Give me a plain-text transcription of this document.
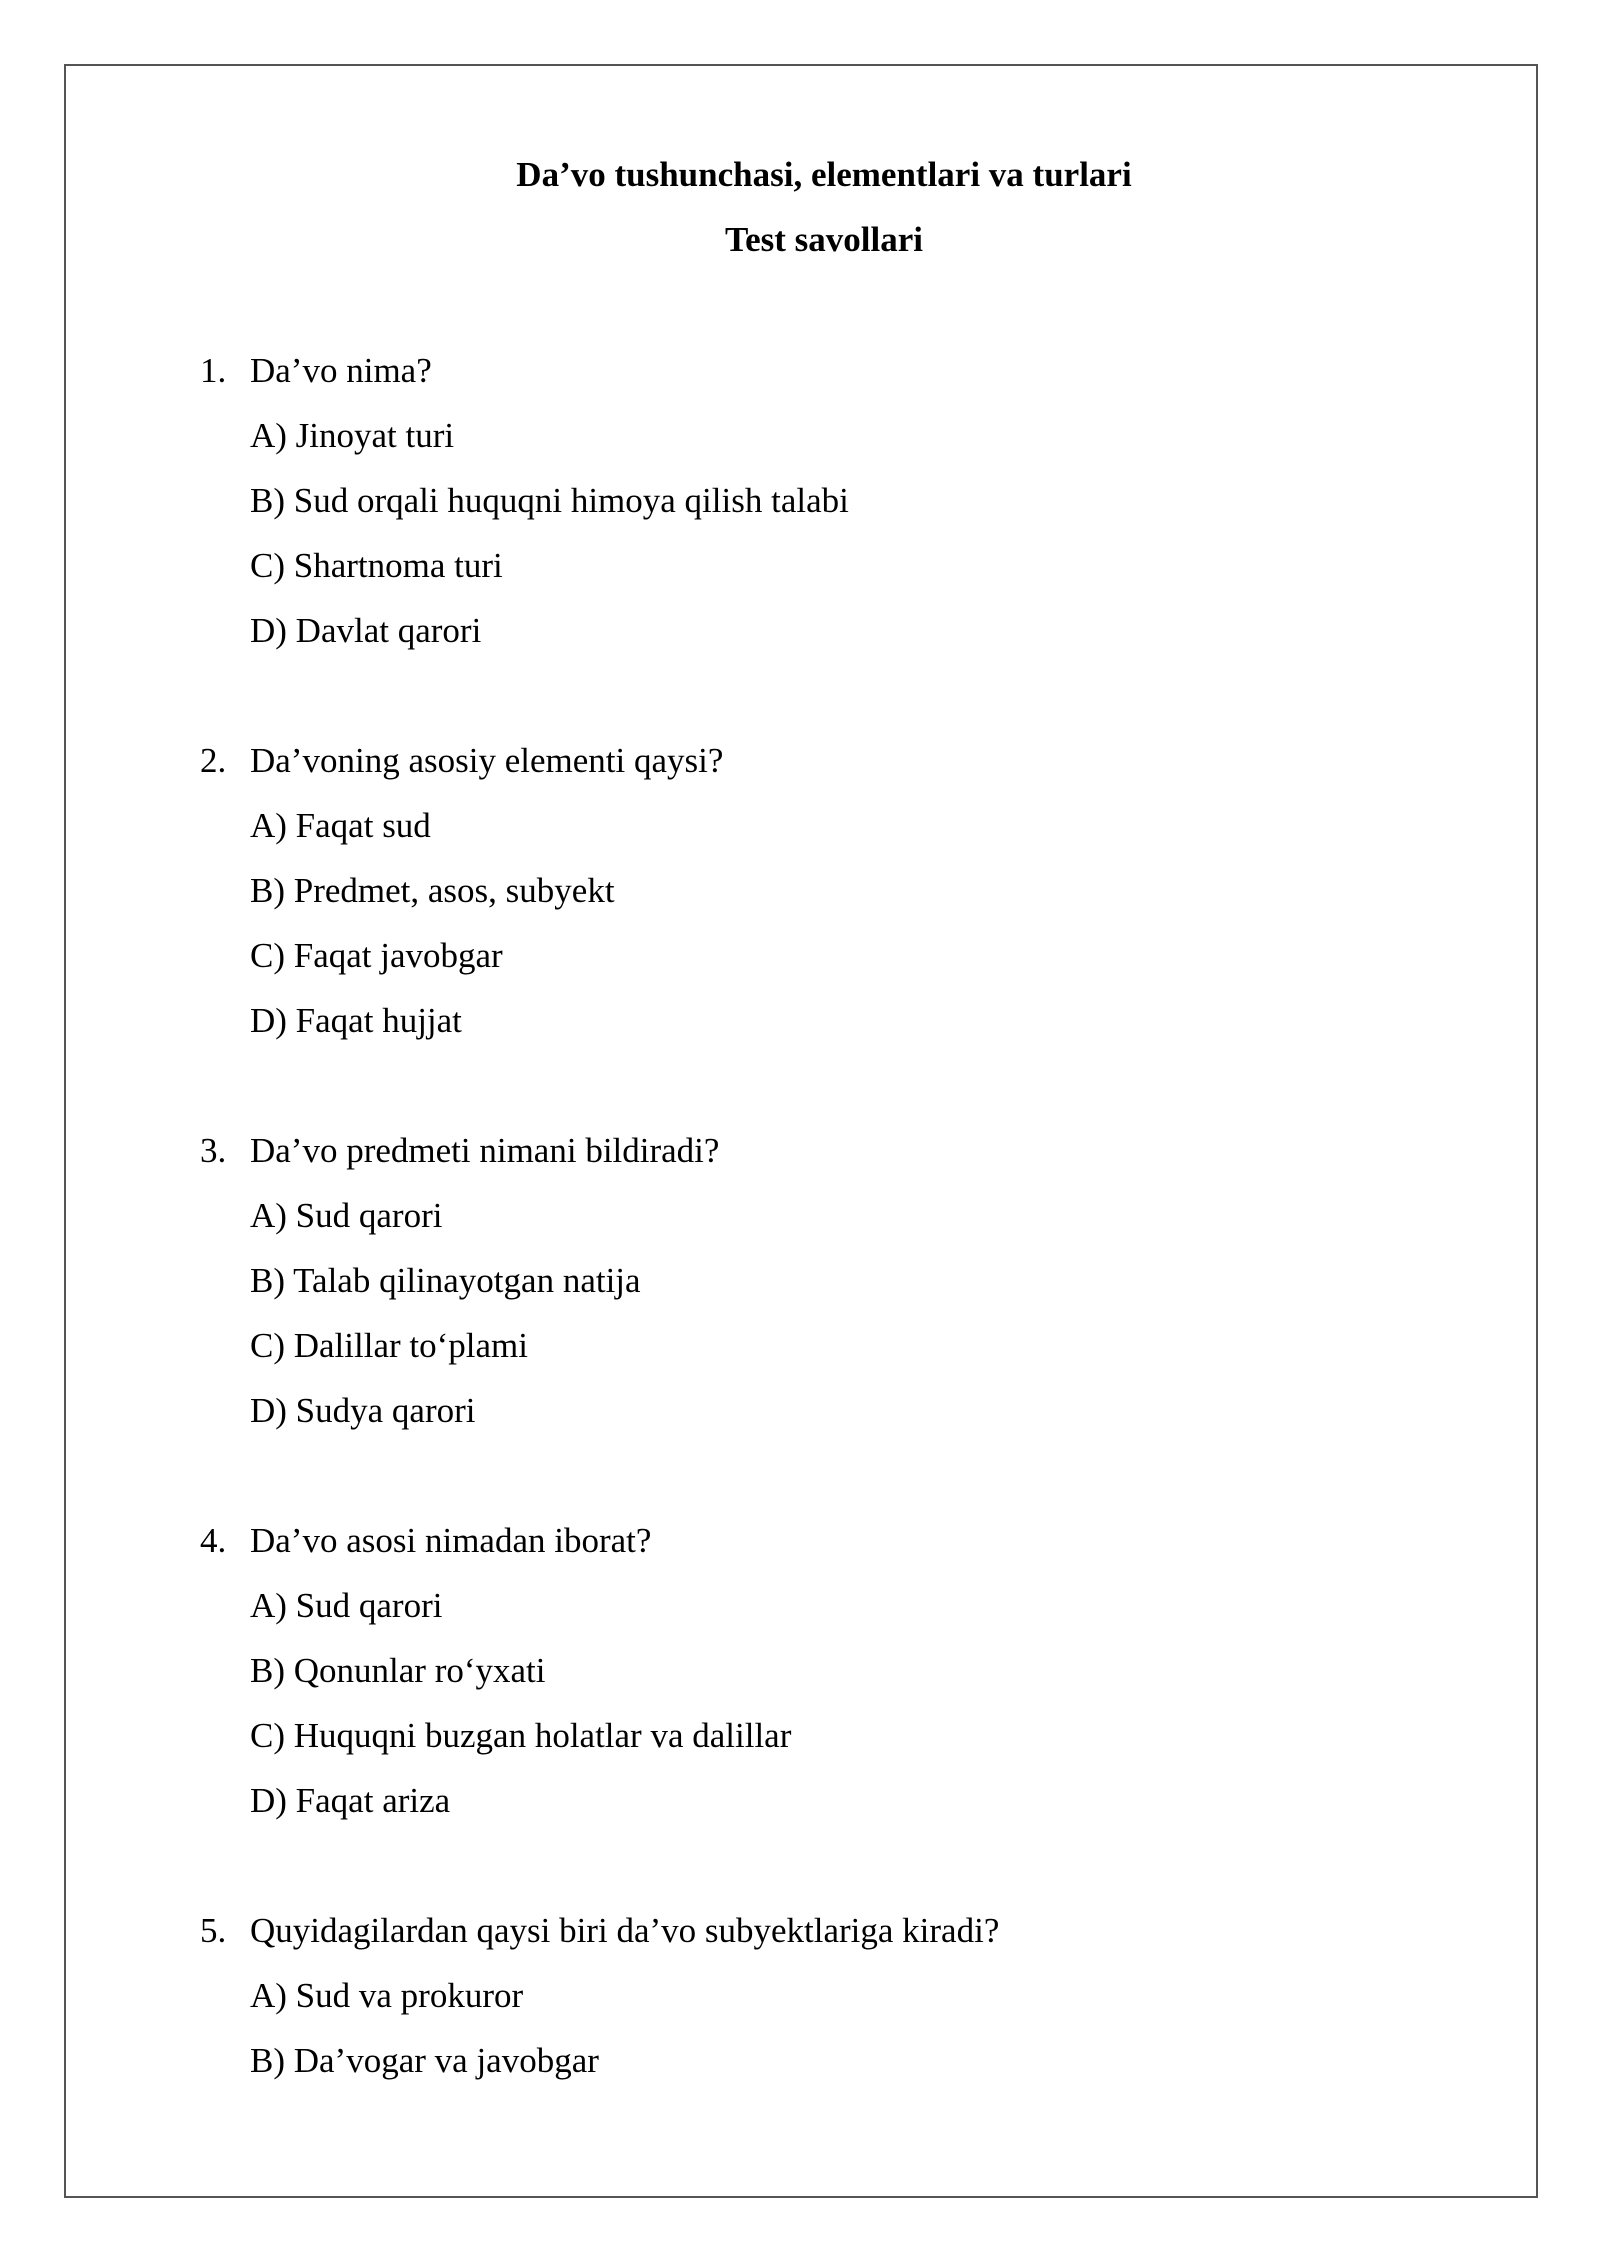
Da’vo tushunchasi, elementlari va turlari
Test savollari
1. Da’vo nima?
A) Jinoyat turi
B) Sud orqali huquqni himoya qilish talabi
C) Shartnoma turi
D) Davlat qarori
2. Da’voning asosiy elementi qaysi?
A) Faqat sud
B) Predmet, asos, subyekt
C) Faqat javobgar
D) Faqat hujjat
3. Da’vo predmeti nimani bildiradi?
A) Sud qarori
B) Talab qilinayotgan natija
C) Dalillar to‘plami
D) Sudya qarori
4. Da’vo asosi nimadan iborat?
A) Sud qarori
B) Qonunlar ro‘yxati
C) Huquqni buzgan holatlar va dalillar
D) Faqat ariza
5. Quyidagilardan qaysi biri da’vo subyektlariga kiradi?
A) Sud va prokuror
B) Da’vogar va javobgar
